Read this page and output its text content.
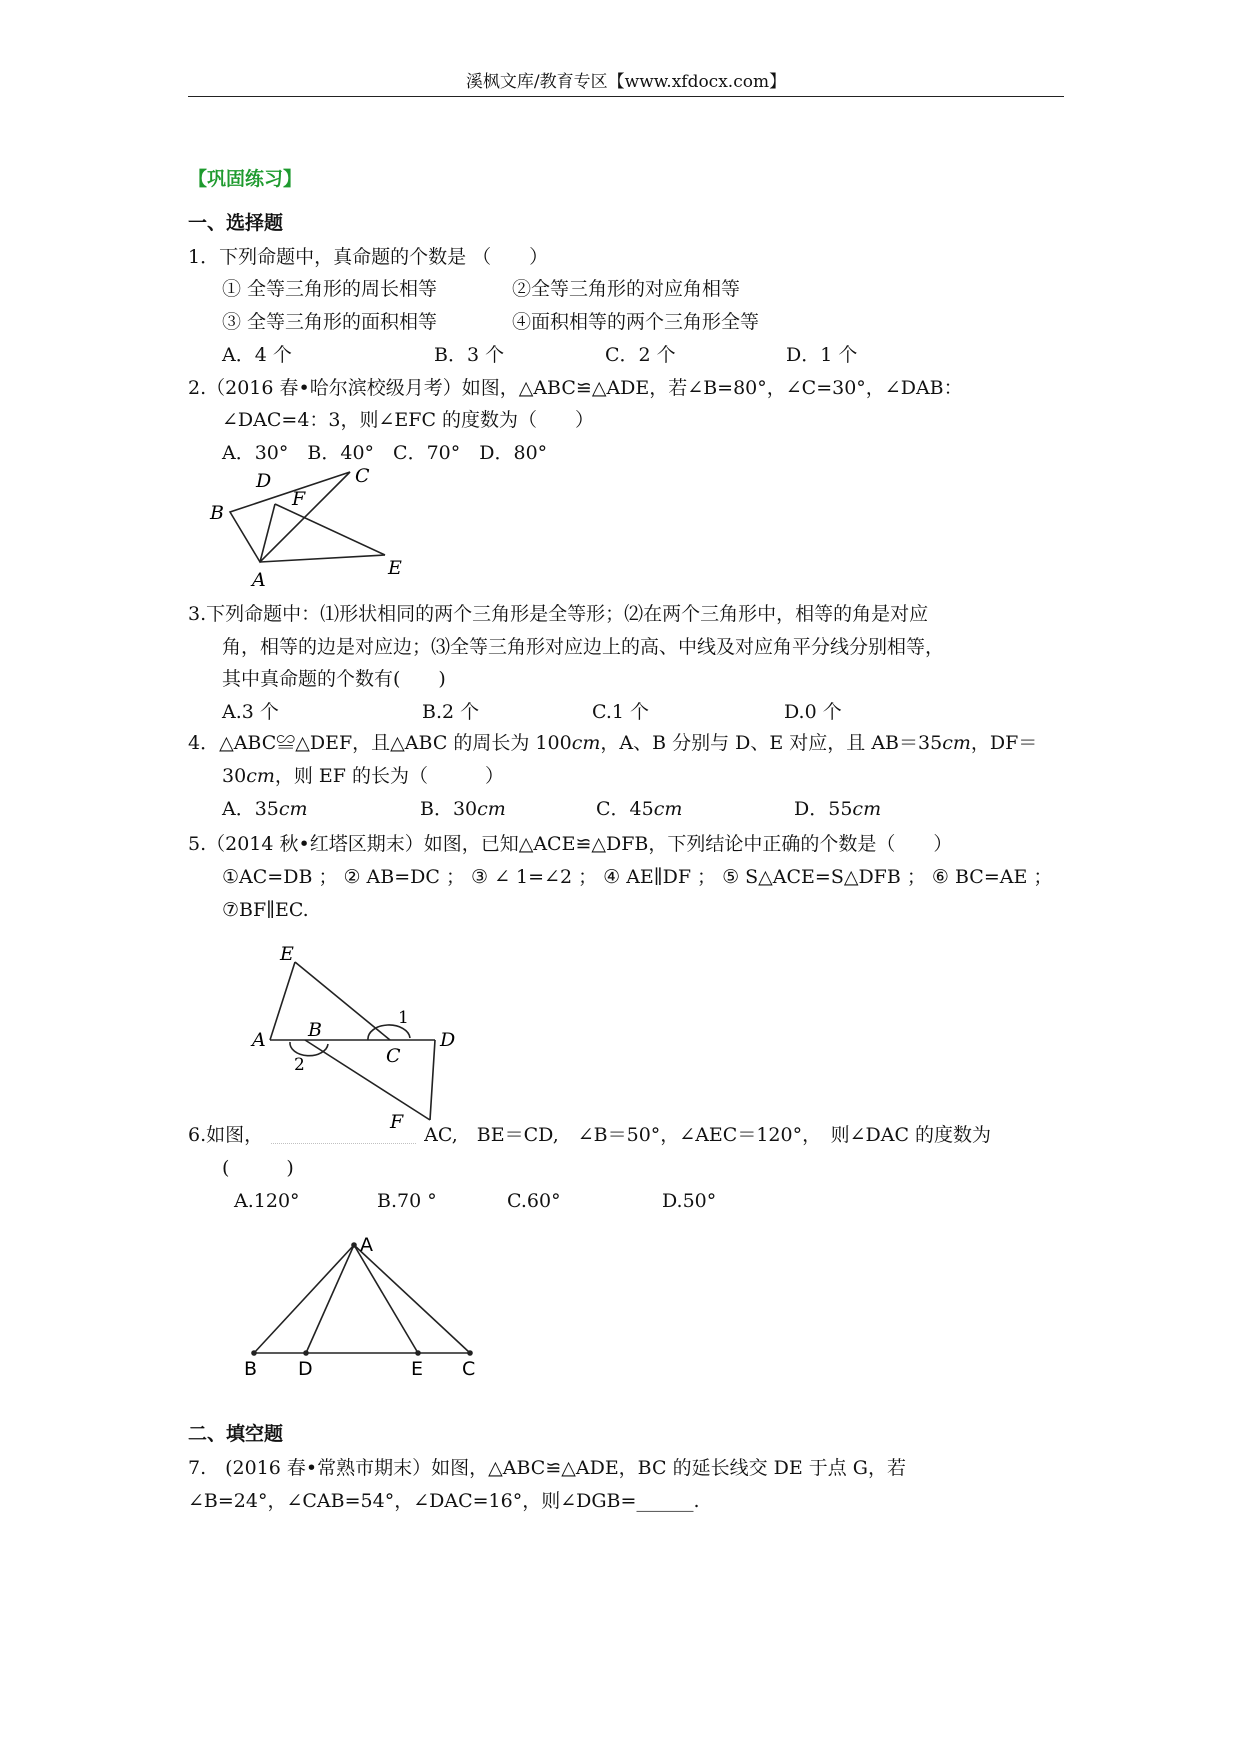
溪枫文库/教育专区【www.xfdocx.com】
【巩固练习】
一、选择题
1．下列命题中，真命题的个数是 （　　）
① 全等三角形的周长相等	②全等三角形的对应角相等
③ 全等三角形的面积相等	④面积相等的两个三角形全等
A．4 个	B．3 个	C．2 个	D．1 个
2.（2016 春•哈尔滨校级月考）如图，△ABC≌△ADE，若∠B=80°，∠C=30°，∠DAB：
∠DAC=4：3，则∠EFC 的度数为（　　）
A．30°　B．40°　C．70°　D．80°
B
D	C
F
A
E
3.下列命题中：⑴形状相同的两个三角形是全等形；⑵在两个三角形中，相等的角是对应
角，相等的边是对应边；⑶全等三角形对应边上的高、中线及对应角平分线分别相等，
其中真命题的个数有(　　)
A.3 个	B.2 个	C.1 个	D.0 个
4．△ABC≌△DEF，且△ABC 的周长为 100cm，A、B 分别与 D、E 对应，且 AB＝35cm，DF＝
30cm，则 EF 的长为（　　　）
A．35cm	B．30cm	C．45cm	D．55cm
5.（2014 秋•红塔区期末）如图，已知△ACE≌△DFB，下列结论中正确的个数是（　　）
①AC=DB ； ② AB=DC ； ③ ∠ 1=∠2 ； ④ AE∥DF ； ⑤ S△ACE=S△DFB ； ⑥ BC=AE ；
⑦BF∥EC.
E
A B
C
D
F
1
2
6.如图，	AC,　BE＝CD,　∠B＝50°，∠AEC＝120°，　则∠DAC 的度数为
(　　　)
A.120°	B.70 °	C.60°	D.50°
A
B D	E C
二、填空题
7.　(2016 春•常熟市期末）如图，△ABC≌△ADE，BC 的延长线交 DE 于点 G，若
∠B=24°，∠CAB=54°，∠DAC=16°，则∠DGB=______.
